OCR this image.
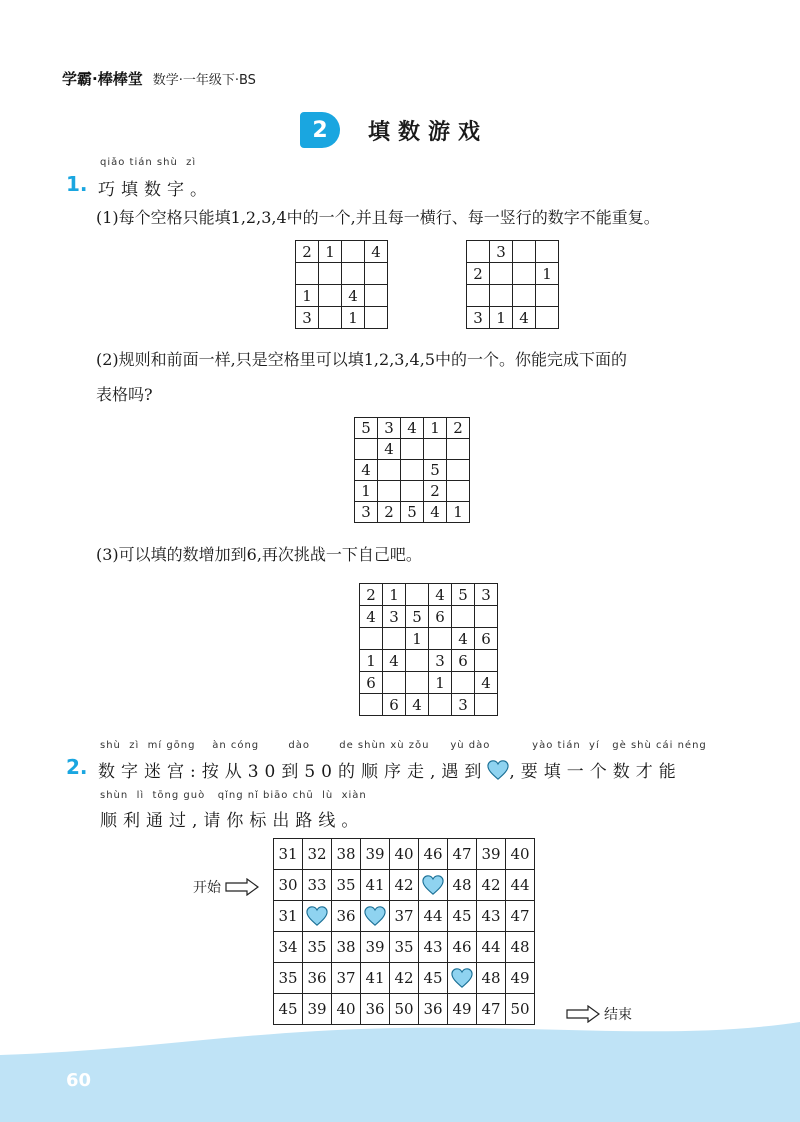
学霸·棒棒堂 数学·一年级下·BS
2	填数游戏
qiǎo tián shù  zì
1. 巧填数字。
(1)每个空格只能填1,2,3,4中的一个,并且每一横行、每一竖行的数字不能重复。
2	1		4

1		4	
3		1	
	3		
2			1

3	1	4	
(2)规则和前面一样,只是空格里可以填1,2,3,4,5中的一个。你能完成下面的
表格吗?
5	3	4	1	2
	4			
4			5	
1			2	
3	2	5	4	1
(3)可以填的数增加到6,再次挑战一下自己吧。
2	1		4	5	3
4	3	5	6		
		1		4	6
1	4		3	6	
6			1		4
	6	4		3	
shù  zì  mí gōng    àn cóng       dào       de shùn xù zǒu     yù dào          yào tián  yí   gè shù cái néng
2. 数字迷宫:按从30到50的顺序走,遇到 ,要填一个数才能
shùn  lì  tōng guò   qǐng nǐ biāo chū  lù  xiàn
顺利通过,请你标出路线。
31	32	38	39	40	46	47	39	40
30	33	35	41	42		48	42	44
31		36		37	44	45	43	47
34	35	38	39	35	43	46	44	48
35	36	37	41	42	45		48	49
45	39	40	36	50	36	49	47	50
开始
结束
60
